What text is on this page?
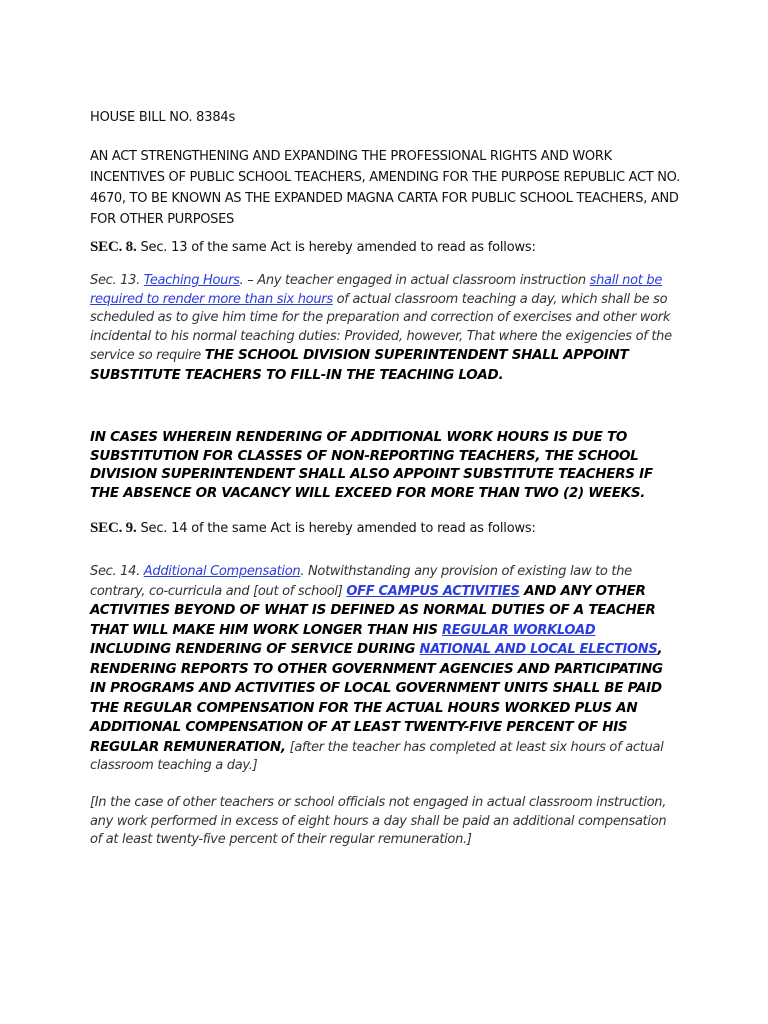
HOUSE BILL NO. 8384s
AN ACT STRENGTHENING AND EXPANDING THE PROFESSIONAL RIGHTS AND WORK INCENTIVES OF PUBLIC SCHOOL TEACHERS, AMENDING FOR THE PURPOSE REPUBLIC ACT NO. 4670, TO BE KNOWN AS THE EXPANDED MAGNA CARTA FOR PUBLIC SCHOOL TEACHERS, AND FOR OTHER PURPOSES
SEC. 8. Sec. 13 of the same Act is hereby amended to read as follows:
Sec. 13. Teaching Hours. – Any teacher engaged in actual classroom instruction shall not be required to render more than six hours of actual classroom teaching a day, which shall be so scheduled as to give him time for the preparation and correction of exercises and other work incidental to his normal teaching duties: Provided, however, That where the exigencies of the service so require THE SCHOOL DIVISION SUPERINTENDENT SHALL APPOINT SUBSTITUTE TEACHERS TO FILL-IN THE TEACHING LOAD.
IN CASES WHEREIN RENDERING OF ADDITIONAL WORK HOURS IS DUE TO SUBSTITUTION FOR CLASSES OF NON-REPORTING TEACHERS, THE SCHOOL DIVISION SUPERINTENDENT SHALL ALSO APPOINT SUBSTITUTE TEACHERS IF THE ABSENCE OR VACANCY WILL EXCEED FOR MORE THAN TWO (2) WEEKS.
SEC. 9. Sec. 14 of the same Act is hereby amended to read as follows:
Sec. 14. Additional Compensation. Notwithstanding any provision of existing law to the contrary, co-curricula and [out of school] OFF CAMPUS ACTIVITIES AND ANY OTHER ACTIVITIES BEYOND OF WHAT IS DEFINED AS NORMAL DUTIES OF A TEACHER THAT WILL MAKE HIM WORK LONGER THAN HIS REGULAR WORKLOAD INCLUDING RENDERING OF SERVICE DURING NATIONAL AND LOCAL ELECTIONS, RENDERING REPORTS TO OTHER GOVERNMENT AGENCIES AND PARTICIPATING IN PROGRAMS AND ACTIVITIES OF LOCAL GOVERNMENT UNITS SHALL BE PAID THE REGULAR COMPENSATION FOR THE ACTUAL HOURS WORKED PLUS AN ADDITIONAL COMPENSATION OF AT LEAST TWENTY-FIVE PERCENT OF HIS REGULAR REMUNERATION, [after the teacher has completed at least six hours of actual classroom teaching a day.]
[In the case of other teachers or school officials not engaged in actual classroom instruction, any work performed in excess of eight hours a day shall be paid an additional compensation of at least twenty-five percent of their regular remuneration.]
